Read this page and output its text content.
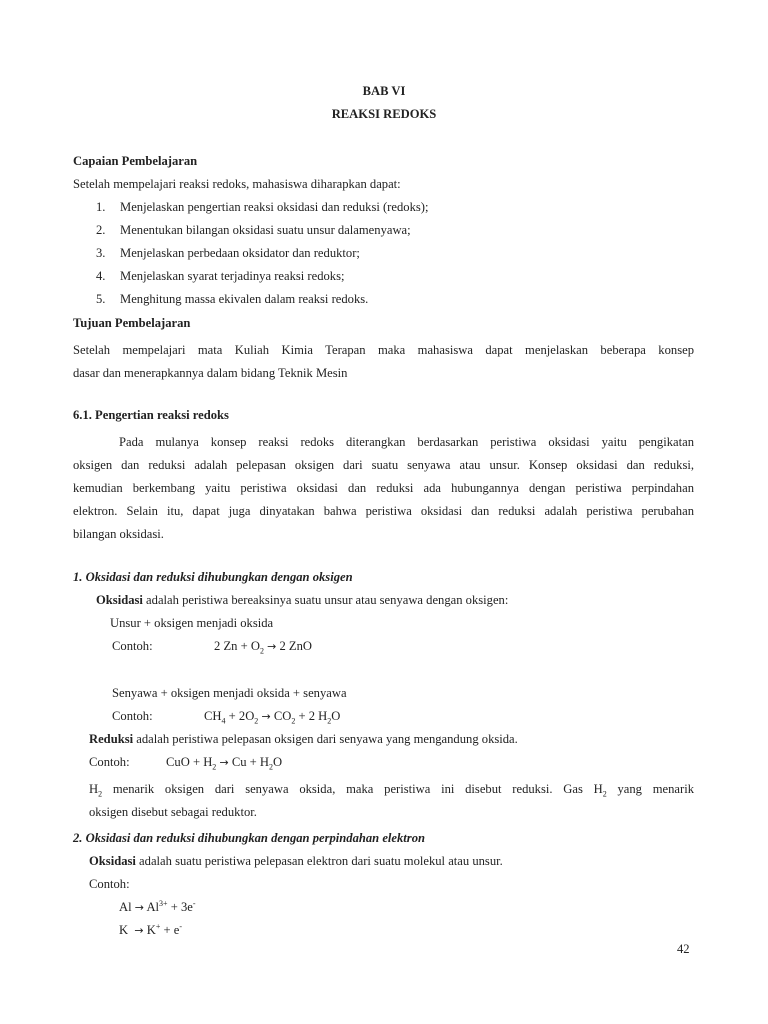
BAB VI
REAKSI REDOKS
Capaian Pembelajaran
Setelah mempelajari reaksi redoks, mahasiswa diharapkan dapat:
1. Menjelaskan pengertian reaksi oksidasi dan reduksi (redoks);
2. Menentukan bilangan oksidasi suatu unsur dalamenyawa;
3. Menjelaskan perbedaan oksidator dan reduktor;
4. Menjelaskan syarat terjadinya reaksi redoks;
5. Menghitung massa ekivalen dalam reaksi redoks.
Tujuan Pembelajaran
Setelah mempelajari mata Kuliah Kimia Terapan maka mahasiswa dapat menjelaskan beberapa konsep
dasar dan menerapkannya dalam bidang Teknik Mesin
6.1. Pengertian reaksi redoks
Pada mulanya konsep reaksi redoks diterangkan berdasarkan peristiwa oksidasi yaitu pengikatan
oksigen dan reduksi adalah pelepasan oksigen dari suatu senyawa atau unsur. Konsep oksidasi dan reduksi,
kemudian berkembang yaitu peristiwa oksidasi dan reduksi ada hubungannya dengan peristiwa perpindahan
elektron. Selain itu, dapat juga dinyatakan bahwa peristiwa oksidasi dan reduksi adalah peristiwa perubahan
bilangan oksidasi.
1. Oksidasi dan reduksi dihubungkan dengan oksigen
Oksidasi adalah peristiwa bereaksinya suatu unsur atau senyawa dengan oksigen:
Unsur + oksigen menjadi oksida
Contoh:	2 $Zn + O_2 \to 2$ ZnO
Senyawa + oksigen menjadi oksida + senyawa
Contoh:	$CH_4 + 2O_2 \to CO_2 + 2$ $H_2O$
Reduksi adalah peristiwa pelepasan oksigen dari senyawa yang mengandung oksida.
Contoh:	CuO + $H_2 \to Cu + H_2O$
$H_2$ menarik oksigen dari senyawa oksida, maka peristiwa ini disebut reduksi. Gas $H_2$ yang menarik
oksigen disebut sebagai reduktor.
2. Oksidasi dan reduksi dihubungkan dengan perpindahan elektron
Oksidasi adalah suatu peristiwa pelepasan elektron dari suatu molekul atau unsur.
Contoh:
$Al \to Al^{3+} + 3e^-$
K  → K+ + e-
42
